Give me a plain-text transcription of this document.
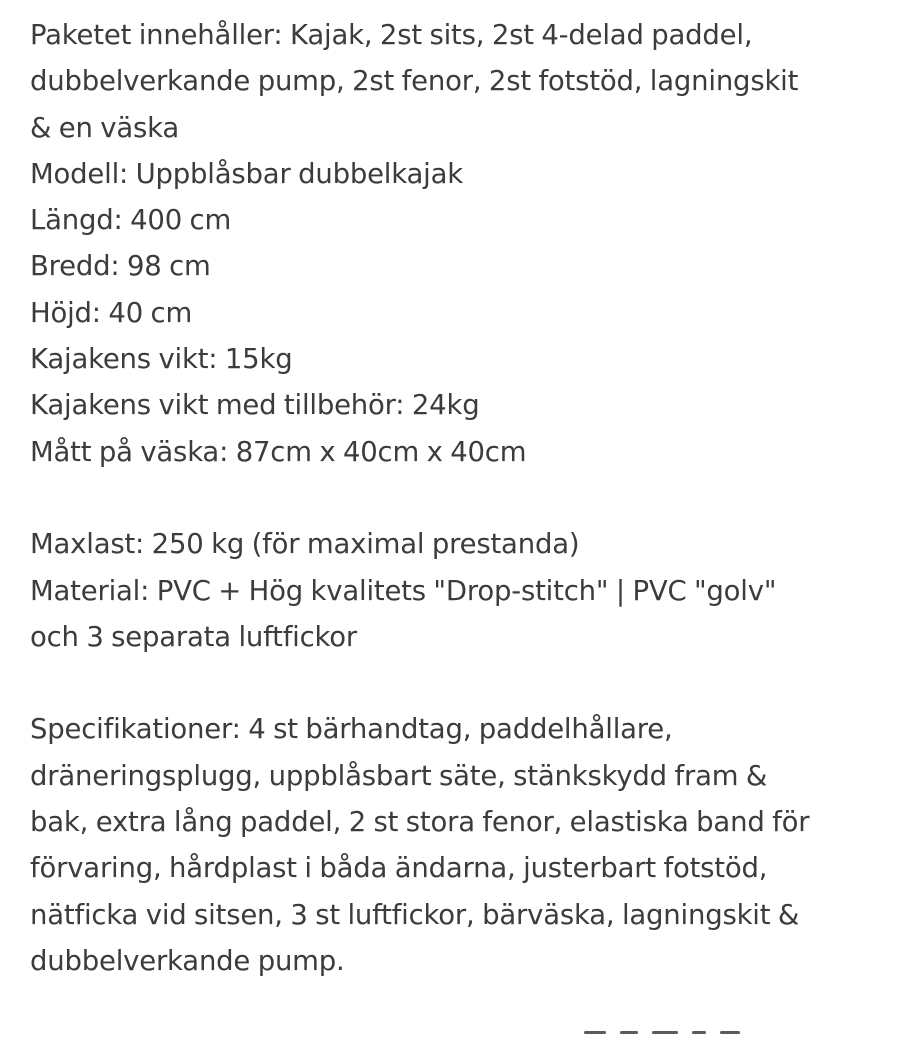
Paketet innehåller: Kajak, 2st sits, 2st 4-delad paddel,
dubbelverkande pump, 2st fenor, 2st fotstöd, lagningskit
& en väska
Modell: Uppblåsbar dubbelkajak
Längd: 400 cm
Bredd: 98 cm
Höjd: 40 cm
Kajakens vikt: 15kg
Kajakens vikt med tillbehör: 24kg
Mått på väska: 87cm x 40cm x 40cm
Maxlast: 250 kg (för maximal prestanda)
Material: PVC + Hög kvalitets "Drop-stitch" | PVC "golv"
och 3 separata luftfickor
Specifikationer: 4 st bärhandtag, paddelhållare,
dräneringsplugg, uppblåsbart säte, stänkskydd fram &
bak, extra lång paddel, 2 st stora fenor, elastiska band för
förvaring, hårdplast i båda ändarna, justerbart fotstöd,
nätficka vid sitsen, 3 st luftfickor, bärväska, lagningskit &
dubbelverkande pump.
